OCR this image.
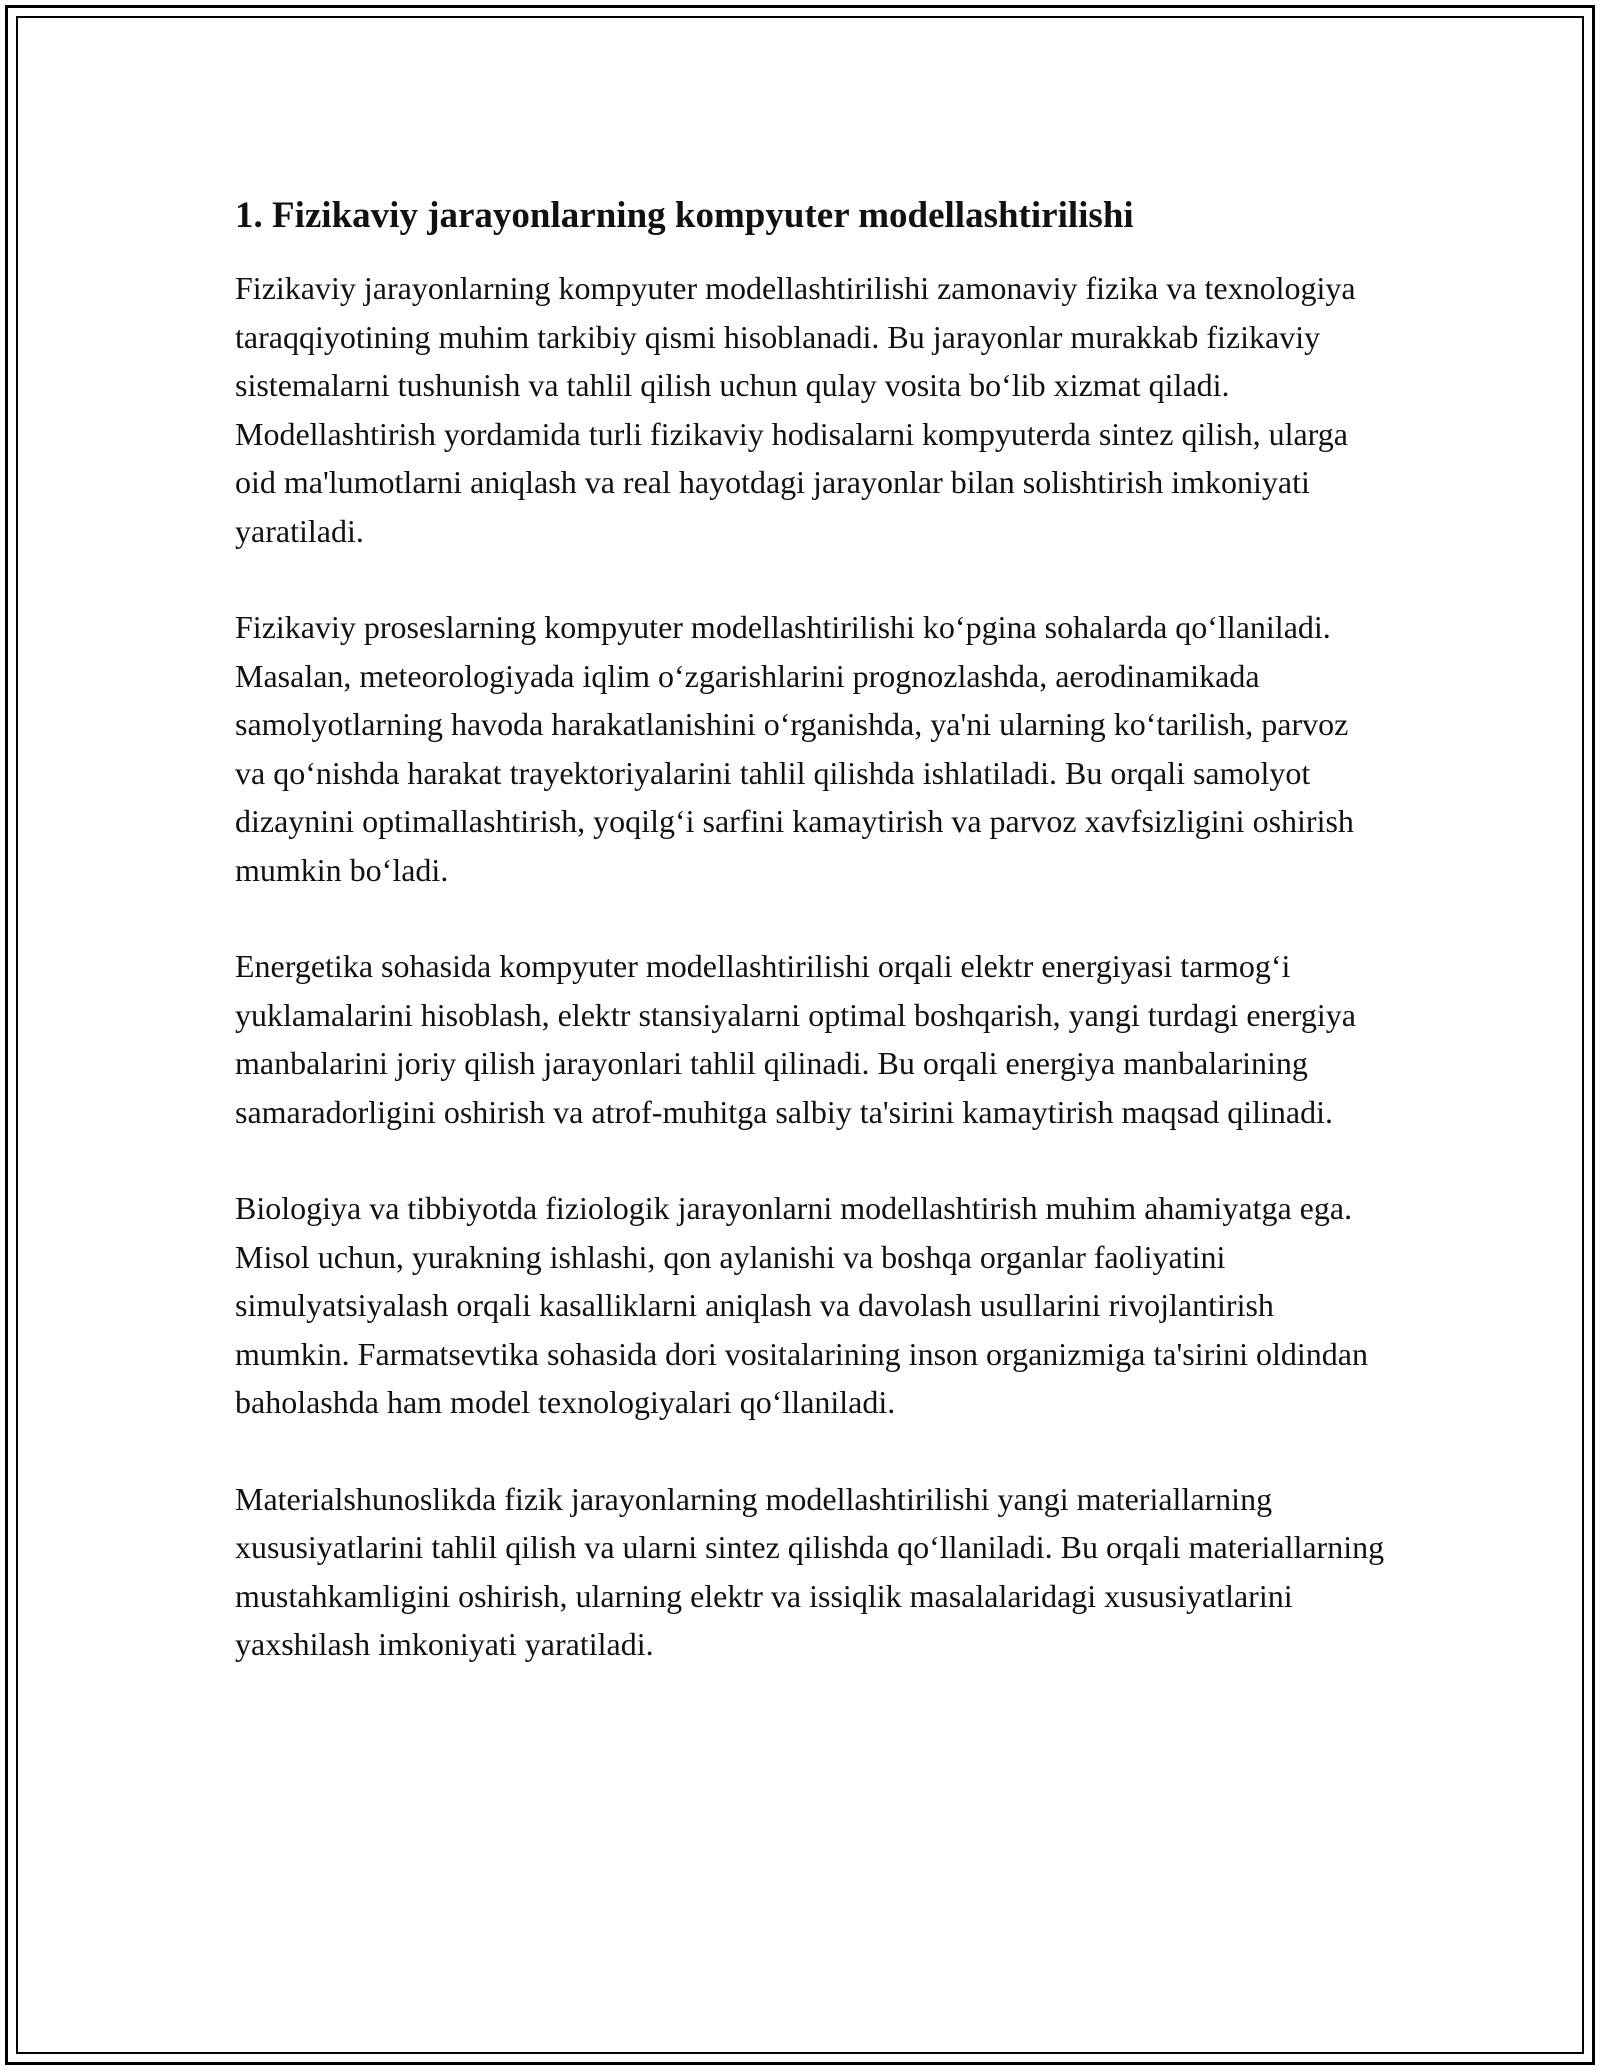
1. Fizikaviy jarayonlarning kompyuter modellashtirilishi

Fizikaviy jarayonlarning kompyuter modellashtirilishi zamonaviy fizika va texnologiya taraqqiyotining muhim tarkibiy qismi hisoblanadi. Bu jarayonlar murakkab fizikaviy sistemalarni tushunish va tahlil qilish uchun qulay vosita bo‘lib xizmat qiladi. Modellashtirish yordamida turli fizikaviy hodisalarni kompyuterda sintez qilish, ularga oid ma'lumotlarni aniqlash va real hayotdagi jarayonlar bilan solishtirish imkoniyati yaratiladi.

Fizikaviy proseslarning kompyuter modellashtirilishi ko‘pgina sohalarda qo‘llaniladi. Masalan, meteorologiyada iqlim o‘zgarishlarini prognozlashda, aerodinamikada samolyotlarning havoda harakatlanishini o‘rganishda, ya'ni ularning ko‘tarilish, parvoz va qo‘nishda harakat trayektoriyalarini tahlil qilishda ishlatiladi. Bu orqali samolyot dizaynini optimallashtirish, yoqilg‘i sarfini kamaytirish va parvoz xavfsizligini oshirish mumkin bo‘ladi.

Energetika sohasida kompyuter modellashtirilishi orqali elektr energiyasi tarmog‘i yuklamalarini hisoblash, elektr stansiyalarni optimal boshqarish, yangi turdagi energiya manbalarini joriy qilish jarayonlari tahlil qilinadi. Bu orqali energiya manbalarining samaradorligini oshirish va atrof-muhitga salbiy ta'sirini kamaytirish maqsad qilinadi.

Biologiya va tibbiyotda fiziologik jarayonlarni modellashtirish muhim ahamiyatga ega. Misol uchun, yurakning ishlashi, qon aylanishi va boshqa organlar faoliyatini simulyatsiyalash orqali kasalliklarni aniqlash va davolash usullarini rivojlantirish mumkin. Farmatsevtika sohasida dori vositalarining inson organizmiga ta'sirini oldindan baholashda ham model texnologiyalari qo‘llaniladi.

Materialshunoslikda fizik jarayonlarning modellashtirilishi yangi materiallarning xususiyatlarini tahlil qilish va ularni sintez qilishda qo‘llaniladi. Bu orqali materiallarning mustahkamligini oshirish, ularning elektr va issiqlik masalalaridagi xususiyatlarini yaxshilash imkoniyati yaratiladi.
